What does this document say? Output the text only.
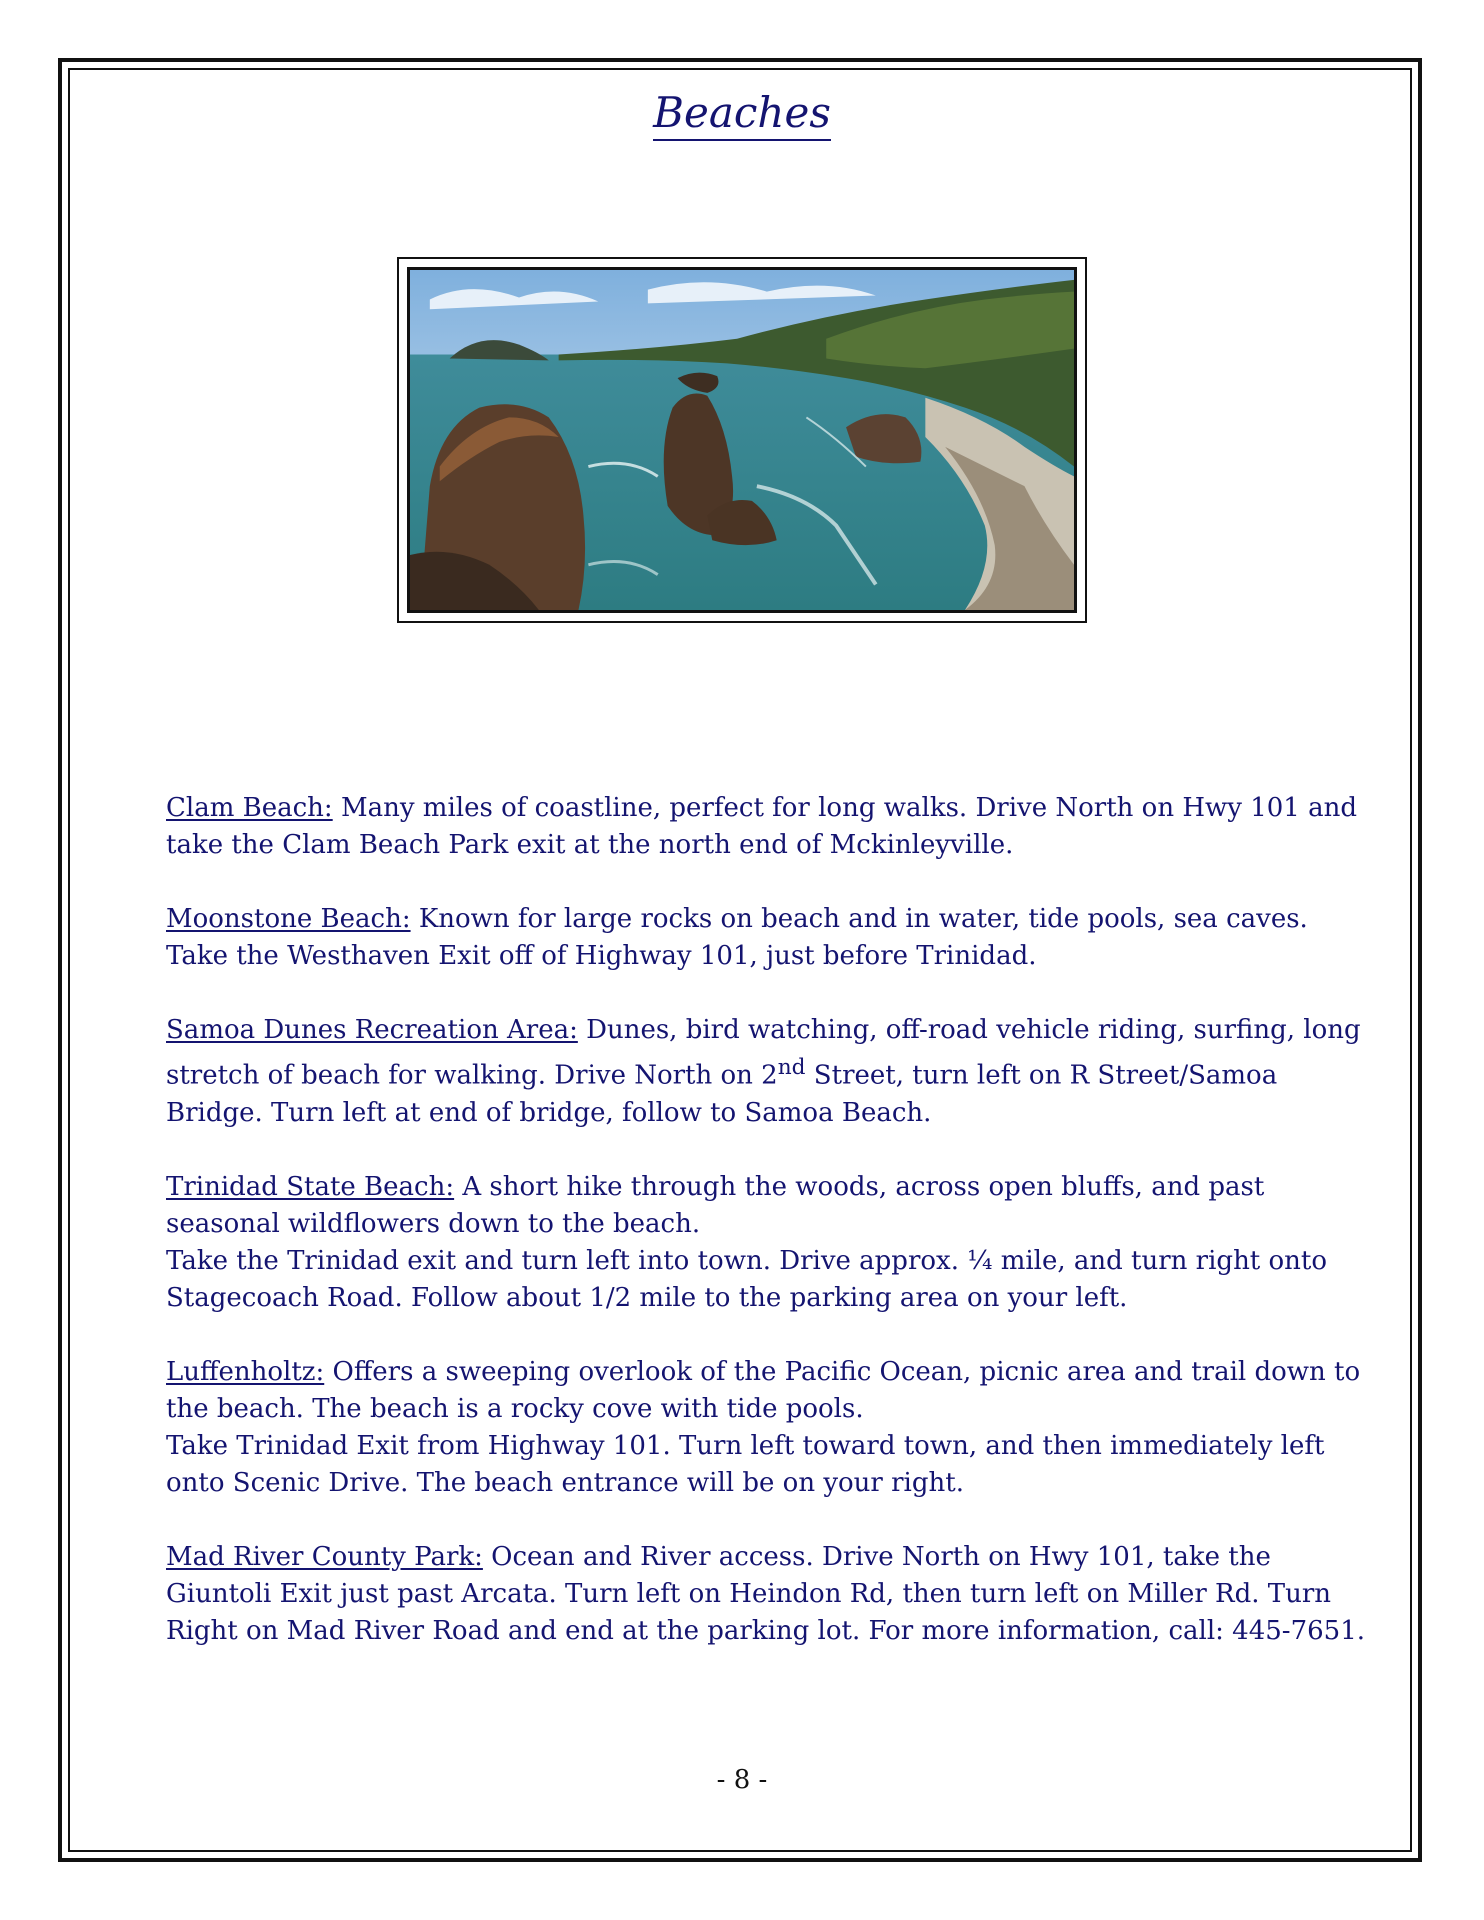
Beaches

Clam Beach: Many miles of coastline, perfect for long walks. Drive North on Hwy 101 and take the Clam Beach Park exit at the north end of Mckinleyville.

Moonstone Beach: Known for large rocks on beach and in water, tide pools, sea caves. Take the Westhaven Exit off of Highway 101, just before Trinidad.

Samoa Dunes Recreation Area: Dunes, bird watching, off-road vehicle riding, surfing, long stretch of beach for walking. Drive North on 2nd Street, turn left on R Street/Samoa Bridge. Turn left at end of bridge, follow to Samoa Beach.

Trinidad State Beach: A short hike through the woods, across open bluffs, and past seasonal wildflowers down to the beach.

Take the Trinidad exit and turn left into town. Drive approx. ¼ mile, and turn right onto Stagecoach Road. Follow about 1/2 mile to the parking area on your left.

Luffenholtz: Offers a sweeping overlook of the Pacific Ocean, picnic area and trail down to the beach. The beach is a rocky cove with tide pools.

Take Trinidad Exit from Highway 101. Turn left toward town, and then immediately left onto Scenic Drive. The beach entrance will be on your right.

Mad River County Park: Ocean and River access. Drive North on Hwy 101, take the Giuntoli Exit just past Arcata. Turn left on Heindon Rd, then turn left on Miller Rd. Turn Right on Mad River Road and end at the parking lot. For more information, call: 445-7651.

- 8 -
